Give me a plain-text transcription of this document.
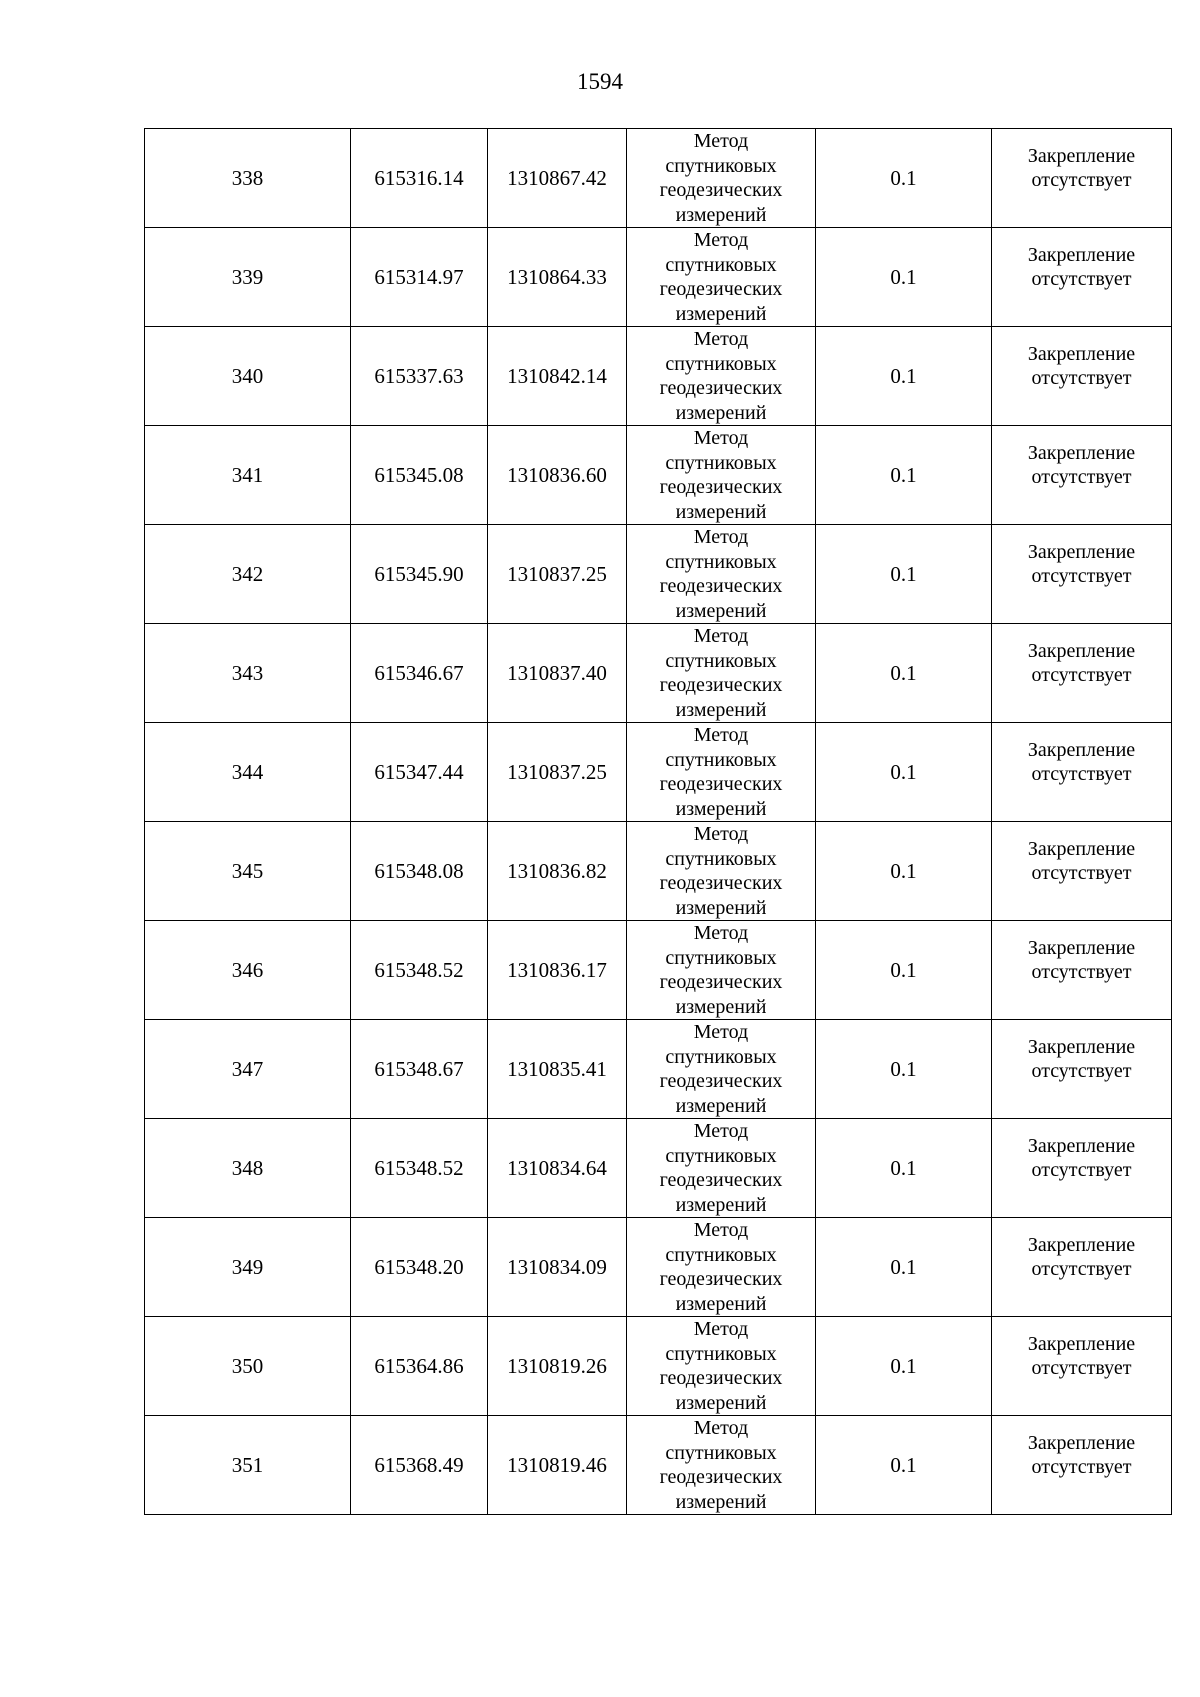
1594
338	615316.14	1310867.42	Метод
спутниковых
геодезических
измерений	0.1	Закрепление
отсутствует

339	615314.97	1310864.33	Метод
спутниковых
геодезических
измерений	0.1	Закрепление
отсутствует

340	615337.63	1310842.14	Метод
спутниковых
геодезических
измерений	0.1	Закрепление
отсутствует

341	615345.08	1310836.60	Метод
спутниковых
геодезических
измерений	0.1	Закрепление
отсутствует

342	615345.90	1310837.25	Метод
спутниковых
геодезических
измерений	0.1	Закрепление
отсутствует

343	615346.67	1310837.40	Метод
спутниковых
геодезических
измерений	0.1	Закрепление
отсутствует

344	615347.44	1310837.25	Метод
спутниковых
геодезических
измерений	0.1	Закрепление
отсутствует

345	615348.08	1310836.82	Метод
спутниковых
геодезических
измерений	0.1	Закрепление
отсутствует

346	615348.52	1310836.17	Метод
спутниковых
геодезических
измерений	0.1	Закрепление
отсутствует

347	615348.67	1310835.41	Метод
спутниковых
геодезических
измерений	0.1	Закрепление
отсутствует

348	615348.52	1310834.64	Метод
спутниковых
геодезических
измерений	0.1	Закрепление
отсутствует

349	615348.20	1310834.09	Метод
спутниковых
геодезических
измерений	0.1	Закрепление
отсутствует

350	615364.86	1310819.26	Метод
спутниковых
геодезических
измерений	0.1	Закрепление
отсутствует

351	615368.49	1310819.46	Метод
спутниковых
геодезических
измерений	0.1	Закрепление
отсутствует
